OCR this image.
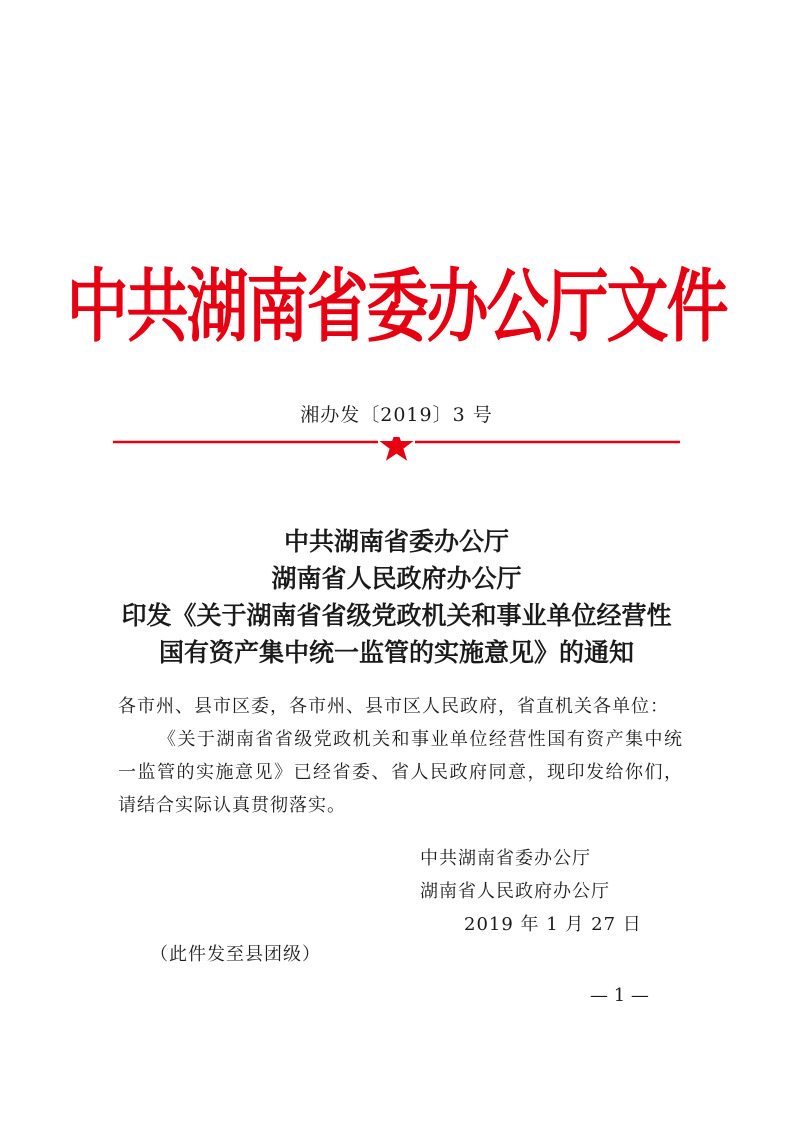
中共湖南省委办公厅文件
湘办发〔2019〕3 号
中共湖南省委办公厅
湖南省人民政府办公厅
印发《关于湖南省省级党政机关和事业单位经营性
国有资产集中统一监管的实施意见》的通知

各市州、县市区委，各市州、县市区人民政府，省直机关各单位：

《关于湖南省省级党政机关和事业单位经营性国有资产集中统一监管的实施意见》已经省委、省人民政府同意，现印发给你们，请结合实际认真贯彻落实。

中共湖南省委办公厅
湖南省人民政府办公厅
2019 年 1 月 27 日
（此件发至县团级）
— 1 —
